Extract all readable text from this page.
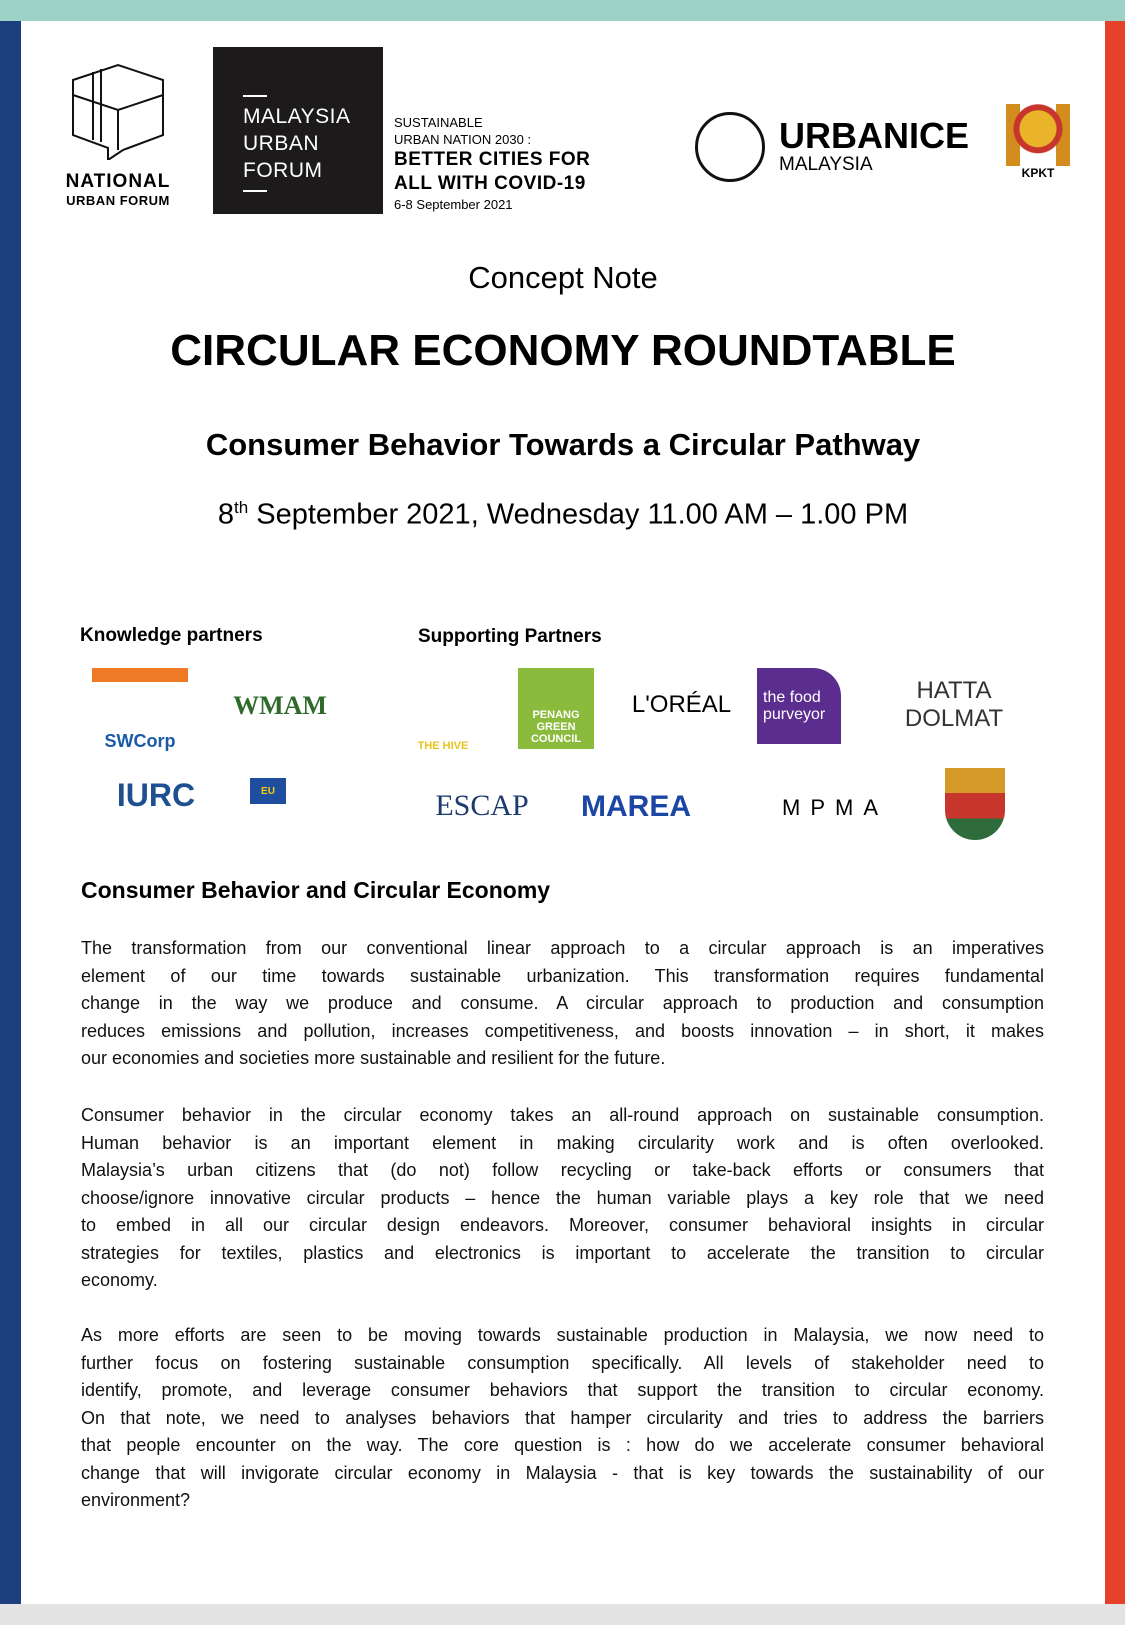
NATIONAL
URBAN FORUM
MALAYSIA
URBAN
FORUM
SUSTAINABLE
URBAN NATION 2030 :
BETTER CITIES FOR
ALL WITH COVID-19
6-8 September 2021
URBANICE
MALAYSIA	KPKT
Concept Note
CIRCULAR ECONOMY ROUNDTABLE
Consumer Behavior Towards a Circular Pathway
8th September 2021, Wednesday 11.00 AM – 1.00 PM
Knowledge partners	Supporting Partners
SWCorp
WMAM
IURC	EU
THE HIVE
PENANG GREEN COUNCIL
L'ORÉAL	the food purveyor
HATTA DOLMAT
ESCAP	MAREA	MPMA
Consumer Behavior and Circular Economy
The transformation from our conventional linear approach to a circular approach is an imperatives
element of our time towards sustainable urbanization. This transformation requires fundamental
change in the way we produce and consume. A circular approach to production and consumption
reduces emissions and pollution, increases competitiveness, and boosts innovation – in short, it makes
our economies and societies more sustainable and resilient for the future.
Consumer behavior in the circular economy takes an all-round approach on sustainable consumption.
Human behavior is an important element in making circularity work and is often overlooked.
Malaysia’s urban citizens that (do not) follow recycling or take-back efforts or consumers that
choose/ignore innovative circular products – hence the human variable plays a key role that we need
to embed in all our circular design endeavors. Moreover, consumer behavioral insights in circular
strategies for textiles, plastics and electronics is important to accelerate the transition to circular
economy.
As more efforts are seen to be moving towards sustainable production in Malaysia, we now need to
further focus on fostering sustainable consumption specifically. All levels of stakeholder need to
identify, promote, and leverage consumer behaviors that support the transition to circular economy.
On that note, we need to analyses behaviors that hamper circularity and tries to address the barriers
that people encounter on the way. The core question is : how do we accelerate consumer behavioral
change that will invigorate circular economy in Malaysia - that is key towards the sustainability of our
environment?
